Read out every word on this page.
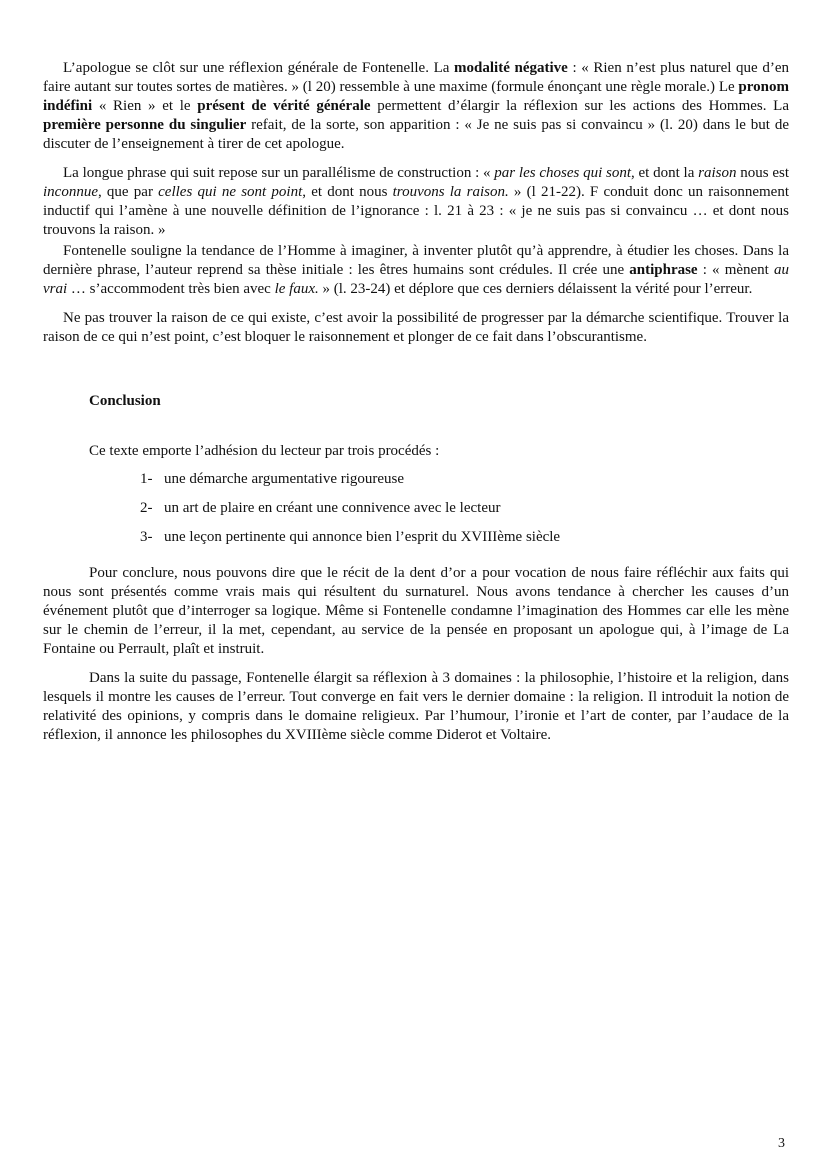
L’apologue se clôt sur une réflexion générale de Fontenelle. La modalité négative : « Rien n’est plus naturel que d’en faire autant sur toutes sortes de matières. » (l 20) ressemble à une maxime (formule énonçant une règle morale.) Le pronom indéfini « Rien » et le présent de vérité générale permettent d’élargir la réflexion sur les actions des Hommes. La première personne du singulier refait, de la sorte, son apparition : « Je ne suis pas si convaincu » (l. 20) dans le but de discuter de l’enseignement à tirer de cet apologue.

La longue phrase qui suit repose sur un parallélisme de construction : « par les choses qui sont, et dont la raison nous est inconnue, que par celles qui ne sont point, et dont nous trouvons la raison. » (l 21-22). F conduit donc un raisonnement inductif qui l’amène à une nouvelle définition de l’ignorance : l. 21 à 23 : « je ne suis pas si convaincu … et dont nous trouvons la raison. »

Fontenelle souligne la tendance de l’Homme à imaginer, à inventer plutôt qu’à apprendre, à étudier les choses. Dans la dernière phrase, l’auteur reprend sa thèse initiale : les êtres humains sont crédules. Il crée une antiphrase : « mènent au vrai … s’accommodent très bien avec le faux. » (l. 23-24) et déplore que ces derniers délaissent la vérité pour l’erreur.

Ne pas trouver la raison de ce qui existe, c’est avoir la possibilité de progresser par la démarche scientifique. Trouver la raison de ce qui n’est point, c’est bloquer le raisonnement et plonger de ce fait dans l’obscurantisme.

Conclusion
Ce texte emporte l’adhésion du lecteur par trois procédés :
1- une démarche argumentative rigoureuse
2- un art de plaire en créant une connivence avec le lecteur
3- une leçon pertinente qui annonce bien l’esprit du XVIIIème siècle

Pour conclure, nous pouvons dire que le récit de la dent d’or a pour vocation de nous faire réfléchir aux faits qui nous sont présentés comme vrais mais qui résultent du surnaturel. Nous avons tendance à chercher les causes d’un événement plutôt que d’interroger sa logique. Même si Fontenelle condamne l’imagination des Hommes car elle les mène sur le chemin de l’erreur, il la met, cependant, au service de la pensée en proposant un apologue qui, à l’image de La Fontaine ou Perrault, plaît et instruit.

Dans la suite du passage, Fontenelle élargit sa réflexion à 3 domaines : la philosophie, l’histoire et la religion, dans lesquels il montre les causes de l’erreur. Tout converge en fait vers le dernier domaine : la religion. Il introduit la notion de relativité des opinions, y compris dans le domaine religieux. Par l’humour, l’ironie et l’art de conter, par l’audace de la réflexion, il annonce les philosophes du XVIIIème siècle comme Diderot et Voltaire.

3
